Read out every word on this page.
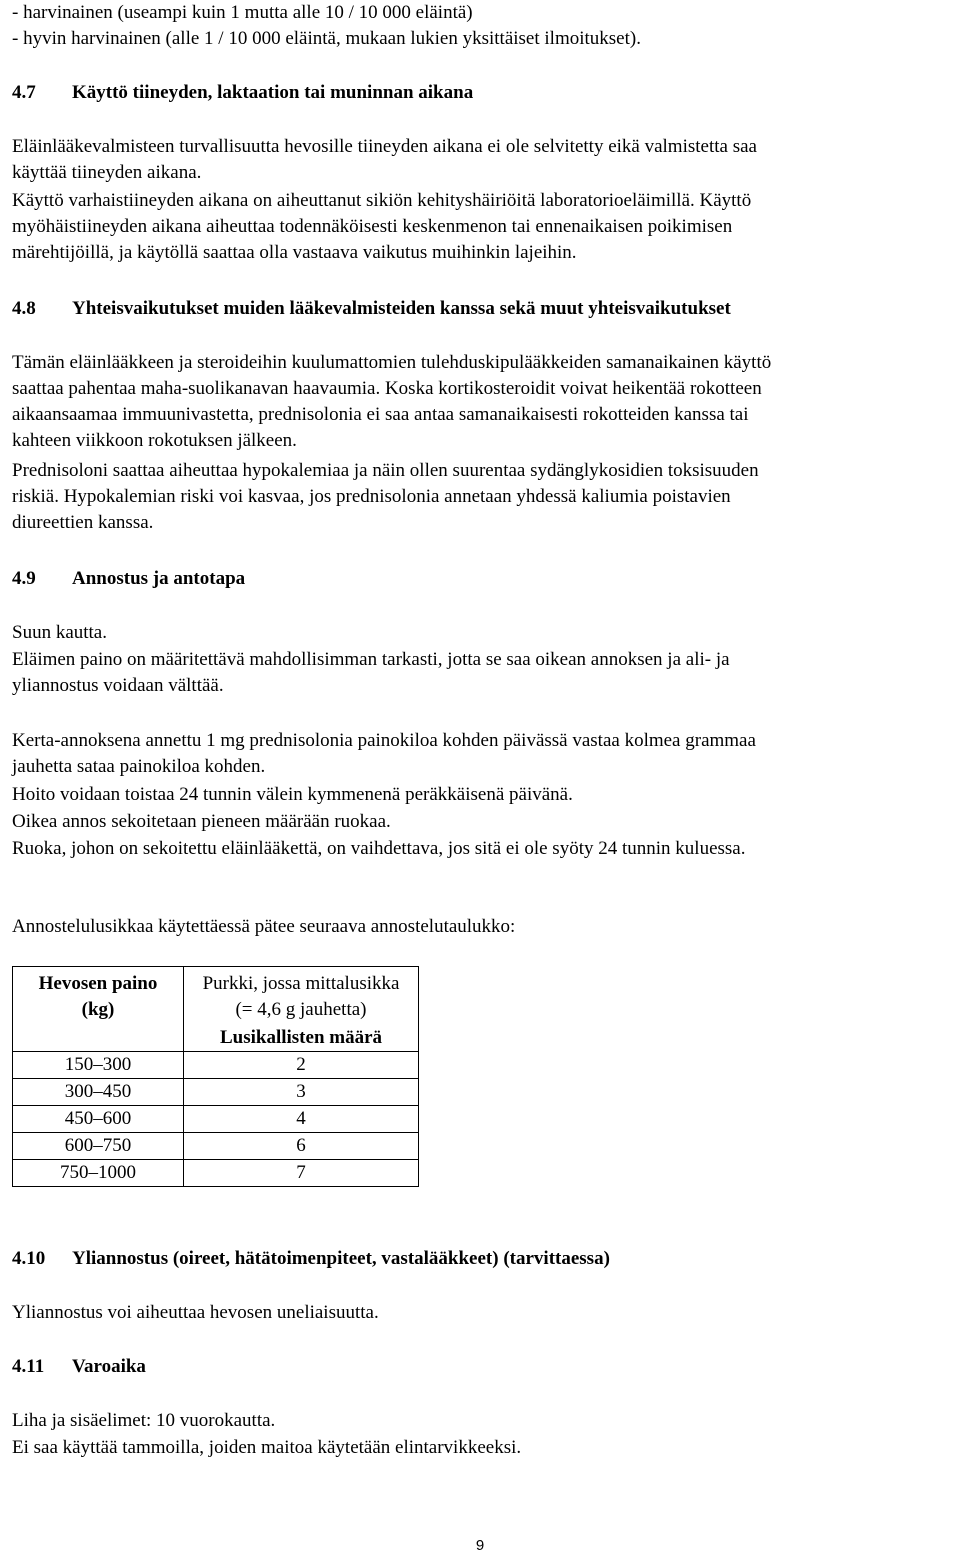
- harvinainen (useampi kuin 1 mutta alle 10 / 10 000 eläintä)
- hyvin harvinainen (alle 1 / 10 000 eläintä, mukaan lukien yksittäiset ilmoitukset).
4.7	Käyttö tiineyden, laktaation tai muninnan aikana

Eläinlääkevalmisteen turvallisuutta hevosille tiineyden aikana ei ole selvitetty eikä valmistetta saa
käyttää tiineyden aikana.

Käyttö varhaistiineyden aikana on aiheuttanut sikiön kehityshäiriöitä laboratorioeläimillä. Käyttö
myöhäistiineyden aikana aiheuttaa todennäköisesti keskenmenon tai ennenaikaisen poikimisen
märehtijöillä, ja käytöllä saattaa olla vastaava vaikutus muihinkin lajeihin.

4.8	Yhteisvaikutukset muiden lääkevalmisteiden kanssa sekä muut yhteisvaikutukset

Tämän eläinlääkkeen ja steroideihin kuulumattomien tulehduskipulääkkeiden samanaikainen käyttö
saattaa pahentaa maha-suolikanavan haavaumia. Koska kortikosteroidit voivat heikentää rokotteen
aikaansaamaa immuunivastetta, prednisolonia ei saa antaa samanaikaisesti rokotteiden kanssa tai
kahteen viikkoon rokotuksen jälkeen.

Prednisoloni saattaa aiheuttaa hypokalemiaa ja näin ollen suurentaa sydänglykosidien toksisuuden
riskiä. Hypokalemian riski voi kasvaa, jos prednisolonia annetaan yhdessä kaliumia poistavien
diureettien kanssa.

4.9	Annostus ja antotapa

Suun kautta.

Eläimen paino on määritettävä mahdollisimman tarkasti, jotta se saa oikean annoksen ja ali- ja
yliannostus voidaan välttää.

Kerta-annoksena annettu 1 mg prednisolonia painokiloa kohden päivässä vastaa kolmea grammaa
jauhetta sataa painokiloa kohden.

Hoito voidaan toistaa 24 tunnin välein kymmenenä peräkkäisenä päivänä.

Oikea annos sekoitetaan pieneen määrään ruokaa.

Ruoka, johon on sekoitettu eläinlääkettä, on vaihdettava, jos sitä ei ole syöty 24 tunnin kuluessa.

Annostelulusikkaa käytettäessä pätee seuraava annostelutaulukko:

Hevosen paino
(kg)	Purkki, jossa mittalusikka
(= 4,6 g jauhetta)

	Lusikallisten määrä
150–300	2
300–450	3
450–600	4
600–750	6
750–1000	7
4.10	Yliannostus (oireet, hätätoimenpiteet, vastalääkkeet) (tarvittaessa)

Yliannostus voi aiheuttaa hevosen uneliaisuutta.

4.11	Varoaika

Liha ja sisäelimet: 10 vuorokautta.

Ei saa käyttää tammoilla, joiden maitoa käytetään elintarvikkeeksi.

9
